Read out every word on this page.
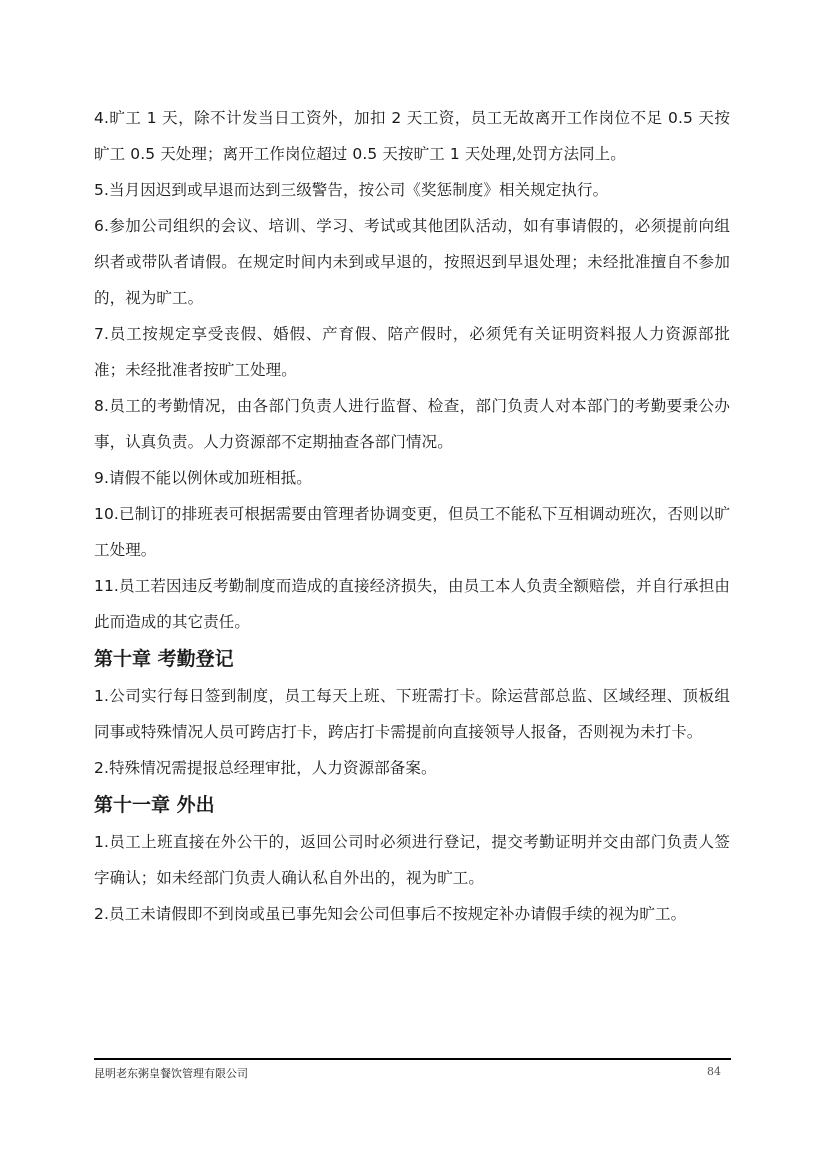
4.旷工 1 天，除不计发当日工资外，加扣 2 天工资，员工无故离开工作岗位不足 0.5 天按旷工 0.5 天处理；离开工作岗位超过 0.5 天按旷工 1 天处理,处罚方法同上。

5.当月因迟到或早退而达到三级警告，按公司《奖惩制度》相关规定执行。

6.参加公司组织的会议、培训、学习、考试或其他团队活动，如有事请假的，必须提前向组织者或带队者请假。在规定时间内未到或早退的，按照迟到早退处理；未经批准擅自不参加的，视为旷工。

7.员工按规定享受丧假、婚假、产育假、陪产假时，必须凭有关证明资料报人力资源部批准；未经批准者按旷工处理。

8.员工的考勤情况，由各部门负责人进行监督、检查，部门负责人对本部门的考勤要秉公办事，认真负责。人力资源部不定期抽查各部门情况。

9.请假不能以例休或加班相抵。

10.已制订的排班表可根据需要由管理者协调变更，但员工不能私下互相调动班次，否则以旷工处理。

11.员工若因违反考勤制度而造成的直接经济损失，由员工本人负责全额赔偿，并自行承担由此而造成的其它责任。

第十章 考勤登记

1.公司实行每日签到制度，员工每天上班、下班需打卡。除运营部总监、区域经理、顶板组同事或特殊情况人员可跨店打卡，跨店打卡需提前向直接领导人报备，否则视为未打卡。

2.特殊情况需提报总经理审批，人力资源部备案。

第十一章 外出

1.员工上班直接在外公干的，返回公司时必须进行登记，提交考勤证明并交由部门负责人签字确认；如未经部门负责人确认私自外出的，视为旷工。

2.员工未请假即不到岗或虽已事先知会公司但事后不按规定补办请假手续的视为旷工。

昆明老东粥皇餐饮管理有限公司	84
